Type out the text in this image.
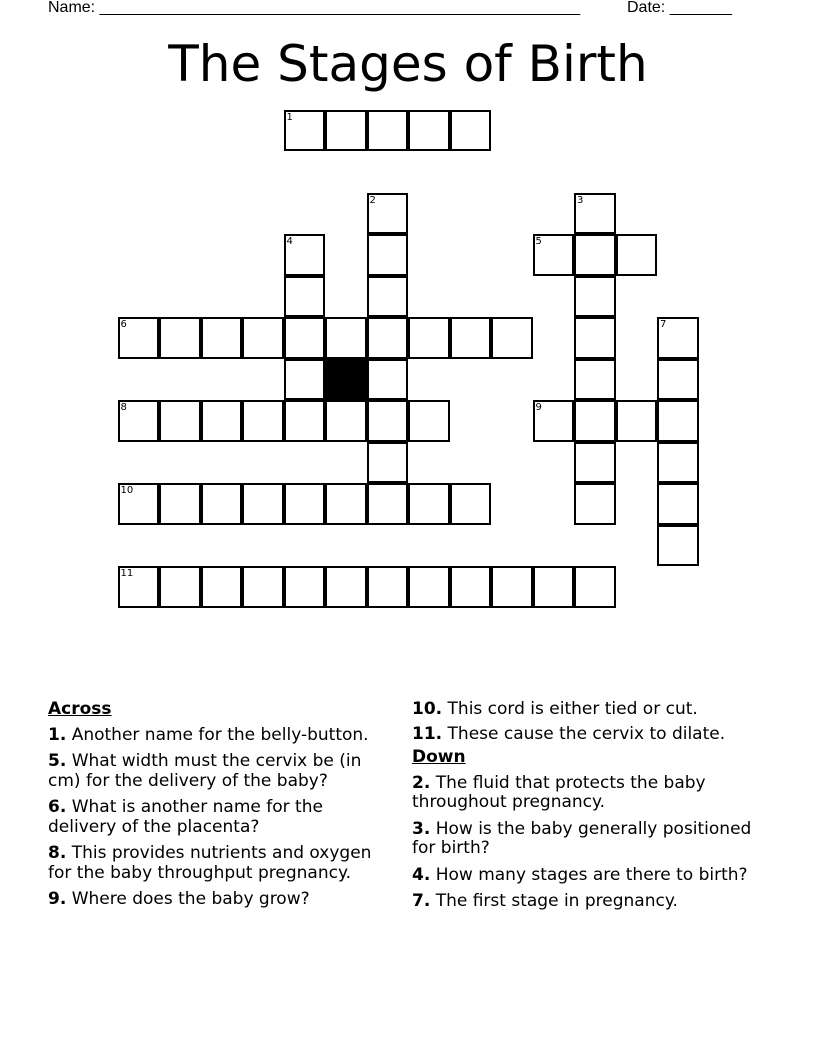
Name: ______________________________________________________	Date: _______
The Stages of Birth
1
2	3
4	5
6	7
8	9
10
11
Across
1. Another name for the belly-button.
5. What width must the cervix be (in cm) for the delivery of the baby?
6. What is another name for the delivery of the placenta?
8. This provides nutrients and oxygen for the baby throughput pregnancy.
9. Where does the baby grow?
10. This cord is either tied or cut.
11. These cause the cervix to dilate.
Down
2. The fluid that protects the baby throughout pregnancy.
3. How is the baby generally positioned for birth?
4. How many stages are there to birth?
7. The first stage in pregnancy.
